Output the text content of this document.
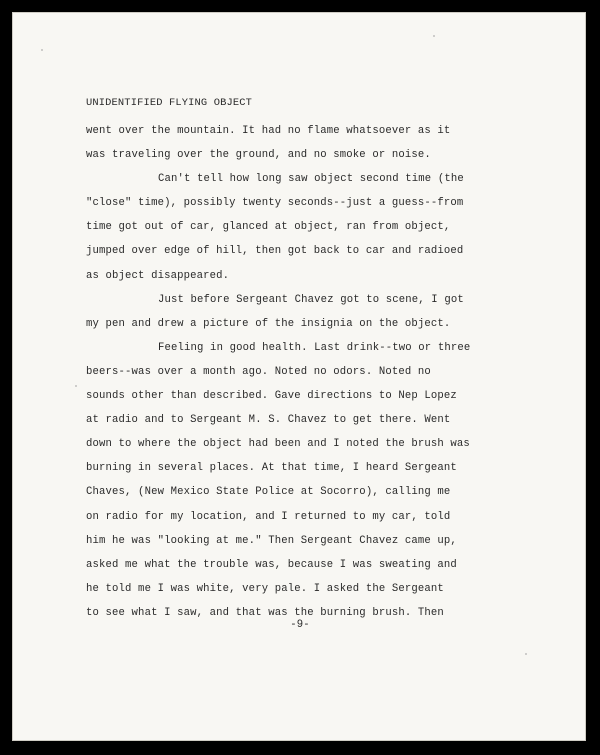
UNIDENTIFIED FLYING OBJECT
went over the mountain. It had no flame whatsoever as it
was traveling over the ground, and no smoke or noise.
Can't tell how long saw object second time (the
"close" time), possibly twenty seconds--just a guess--from
time got out of car, glanced at object, ran from object,
jumped over edge of hill, then got back to car and radioed
as object disappeared.
Just before Sergeant Chavez got to scene, I got
my pen and drew a picture of the insignia on the object.
Feeling in good health. Last drink--two or three
beers--was over a month ago. Noted no odors. Noted no
sounds other than described. Gave directions to Nep Lopez
at radio and to Sergeant M. S. Chavez to get there. Went
down to where the object had been and I noted the brush was
burning in several places. At that time, I heard Sergeant
Chaves, (New Mexico State Police at Socorro), calling me
on radio for my location, and I returned to my car, told
him he was "looking at me." Then Sergeant Chavez came up,
asked me what the trouble was, because I was sweating and
he told me I was white, very pale. I asked the Sergeant
to see what I saw, and that was the burning brush. Then
-9-
